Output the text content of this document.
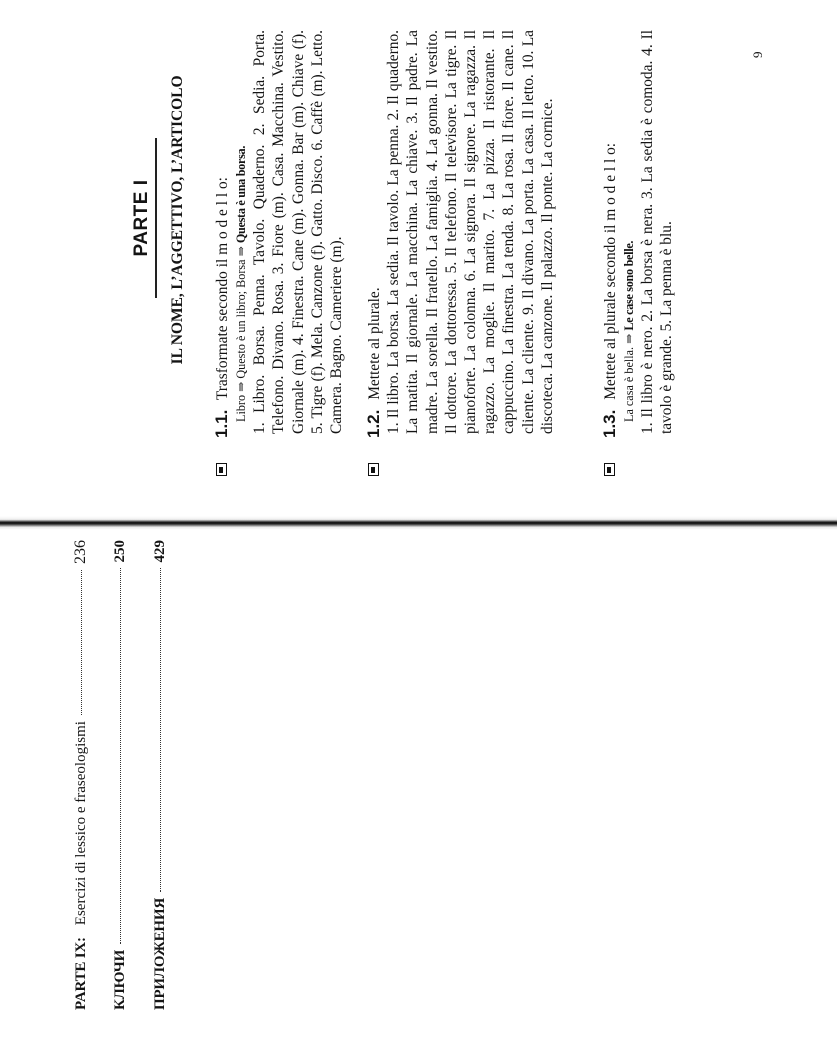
PARTE IX:
Esercizi di lessico e fraseologismi
236
КЛЮЧИ
250
ПРИЛОЖЕНИЯ
429
PARTE I	IL NOME, L’AGGETTIVO, L’ARTICOLO
1.1. Trasformate secondo il m o d e l l o: Libro ⇒ Questo è un libro; Borsa ⇒ Questa è una borsa. 1. Libro. Borsa. Penna. Tavolo. Quaderno. 2. Sedia. Porta. Telefono. Divano. Rosa. 3. Fiore (m). Casa. Macchina. Vestito. Giornale (m). 4. Finestra. Cane (m). Gonna. Bar (m). Chiave (f). 5. Tigre (f). Mela. Canzone (f). Gatto. Disco. 6. Caffè (m). Letto. Camera. Bagno. Cameriere (m). 1.2. Mettete al plurale. 1. Il libro. La borsa. La sedia. Il tavolo. La penna. 2. Il quaderno. La matita. Il giornale. La macchina. La chiave. 3. Il padre. La madre. La sorella. Il fratello. La famiglia. 4. La gonna. Il vestito. Il dottore. La dottoressa. 5. Il telefono. Il televisore. La tigre. Il pianoforte. La colonna. 6. La signora. Il signore. La ragazza. Il ragazzo. La moglie. Il marito. 7. La pizza. Il ristorante. Il cappuccino. La finestra. La tenda. 8. La rosa. Il fiore. Il cane. Il cliente. La cliente. 9. Il divano. La porta. La casa. Il letto. 10. La discoteca. La canzone. Il palazzo. Il ponte. La cornice.	1.3. Mettete al plurale secondo il m o d e l l o: La casa è bella. ⇒ Le case sono belle. 1. Il libro è nero. 2. La borsa è nera. 3. La sedia è comoda. 4. Il tavolo è grande. 5. La penna è blu.
9
